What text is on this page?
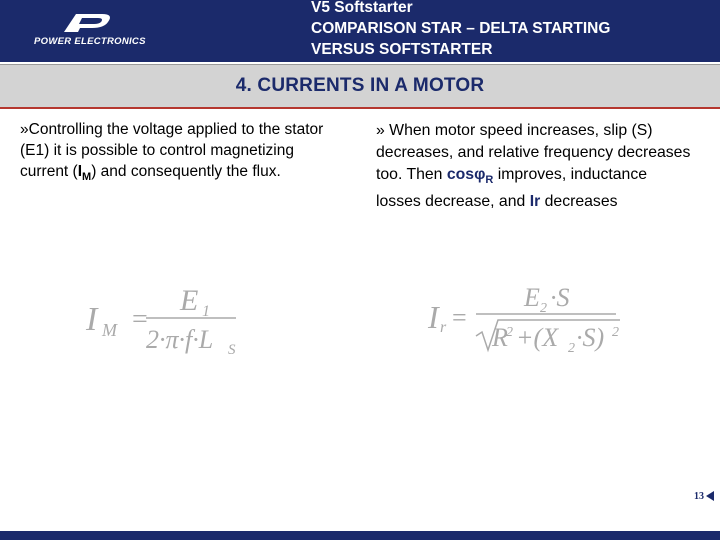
POWER ELECTRONICS
V5 Softstarter
COMPARISON STAR – DELTA STARTING
VERSUS SOFTSTARTER
4. CURRENTS IN A MOTOR
»Controlling the voltage applied to the stator (E1) it is possible to control magnetizing current $(I_M)$ and consequently the flux.
» When motor speed increases, slip (S) decreases, and relative frequency decreases too. Then cosφ$_R$ improves, inductance losses decrease, and Ir decreases
I M =
E 1
2·π·f·L S
I r =
E 2 ·S
R
2 +(X 2 ·S) 2
13
